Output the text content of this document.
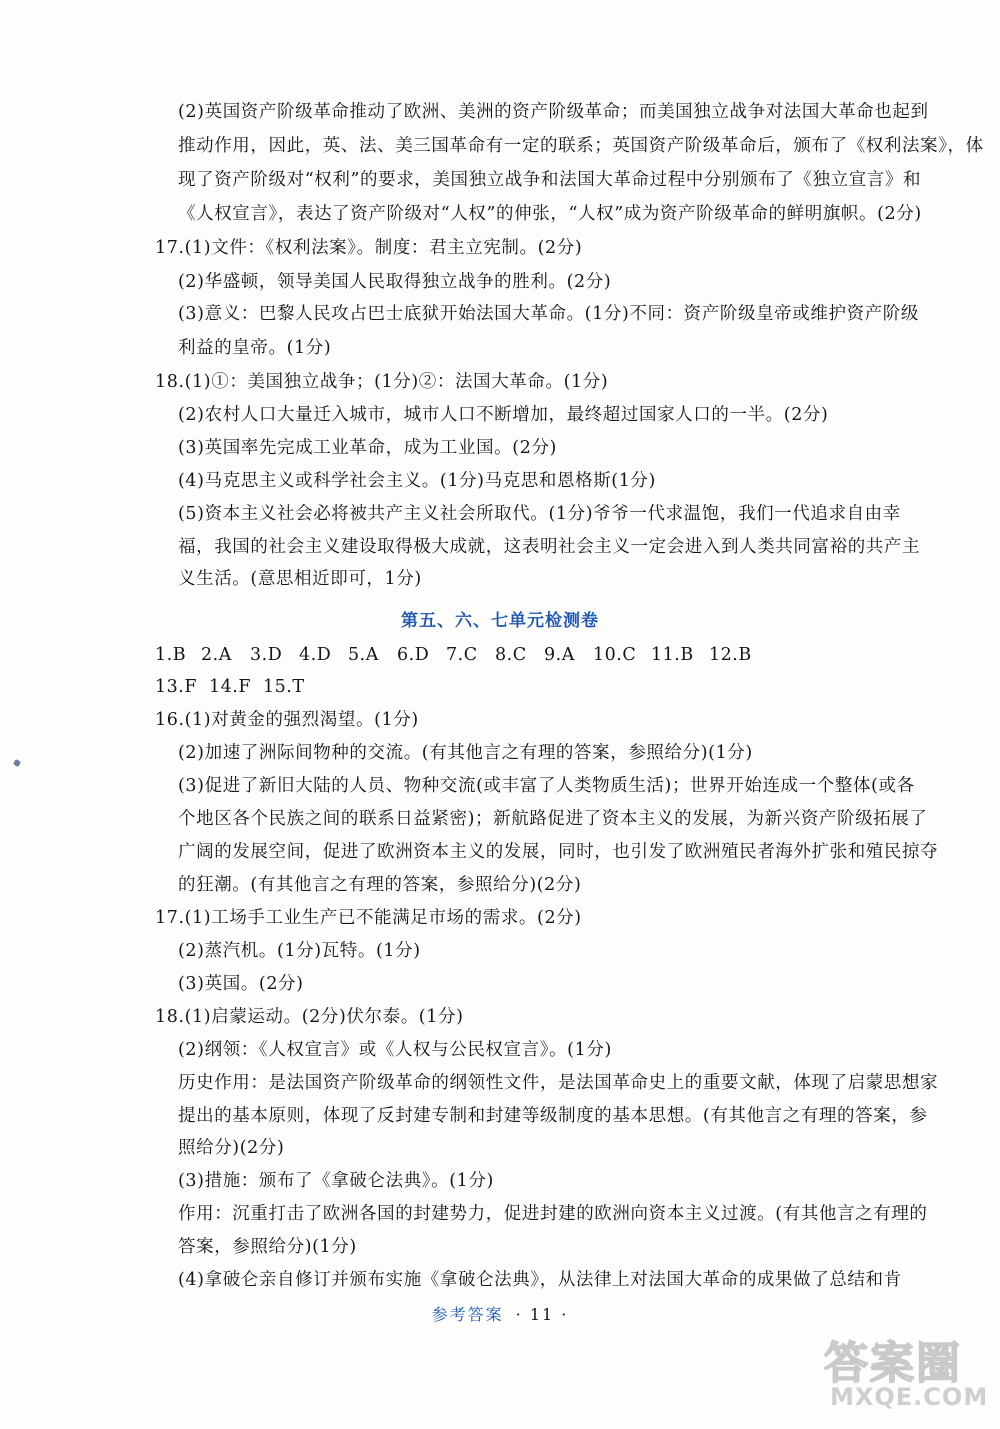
(2)英国资产阶级革命推动了欧洲、美洲的资产阶级革命；而美国独立战争对法国大革命也起到
推动作用，因此，英、法、美三国革命有一定的联系；英国资产阶级革命后，颁布了《权利法案》，体
现了资产阶级对“权利”的要求，美国独立战争和法国大革命过程中分别颁布了《独立宣言》和
《人权宣言》，表达了资产阶级对“人权”的伸张，“人权”成为资产阶级革命的鲜明旗帜。(2分)
17.(1)文件：《权利法案》。制度：君主立宪制。(2分)
(2)华盛顿，领导美国人民取得独立战争的胜利。(2分)
(3)意义：巴黎人民攻占巴士底狱开始法国大革命。(1分)不同：资产阶级皇帝或维护资产阶级
利益的皇帝。(1分)
18.(1)①：美国独立战争；(1分)②：法国大革命。(1分)
(2)农村人口大量迁入城市，城市人口不断增加，最终超过国家人口的一半。(2分)
(3)英国率先完成工业革命，成为工业国。(2分)
(4)马克思主义或科学社会主义。(1分)马克思和恩格斯(1分)
(5)资本主义社会必将被共产主义社会所取代。(1分)爷爷一代求温饱，我们一代追求自由幸
福，我国的社会主义建设取得极大成就，这表明社会主义一定会进入到人类共同富裕的共产主
义生活。(意思相近即可，1分)
第五、六、七单元检测卷
1.B 2.A 3.D 4.D 5.A 6.D 7.C 8.C 9.A 10.C 11.B 12.B
13.F 14.F 15.T
16.(1)对黄金的强烈渴望。(1分)
(2)加速了洲际间物种的交流。(有其他言之有理的答案，参照给分)(1分)
(3)促进了新旧大陆的人员、物种交流(或丰富了人类物质生活)；世界开始连成一个整体(或各
个地区各个民族之间的联系日益紧密)；新航路促进了资本主义的发展，为新兴资产阶级拓展了
广阔的发展空间，促进了欧洲资本主义的发展，同时，也引发了欧洲殖民者海外扩张和殖民掠夺
的狂潮。(有其他言之有理的答案，参照给分)(2分)
17.(1)工场手工业生产已不能满足市场的需求。(2分)
(2)蒸汽机。(1分)瓦特。(1分)
(3)英国。(2分)
18.(1)启蒙运动。(2分)伏尔泰。(1分)
(2)纲领：《人权宣言》或《人权与公民权宣言》。(1分)
历史作用：是法国资产阶级革命的纲领性文件，是法国革命史上的重要文献，体现了启蒙思想家
提出的基本原则，体现了反封建专制和封建等级制度的基本思想。(有其他言之有理的答案，参
照给分)(2分)
(3)措施：颁布了《拿破仑法典》。(1分)
作用：沉重打击了欧洲各国的封建势力，促进封建的欧洲向资本主义过渡。(有其他言之有理的
答案，参照给分)(1分)
(4)拿破仑亲自修订并颁布实施《拿破仑法典》，从法律上对法国大革命的成果做了总结和肯
参考答案 · 11 ·
答案圈
MXQE.COM
